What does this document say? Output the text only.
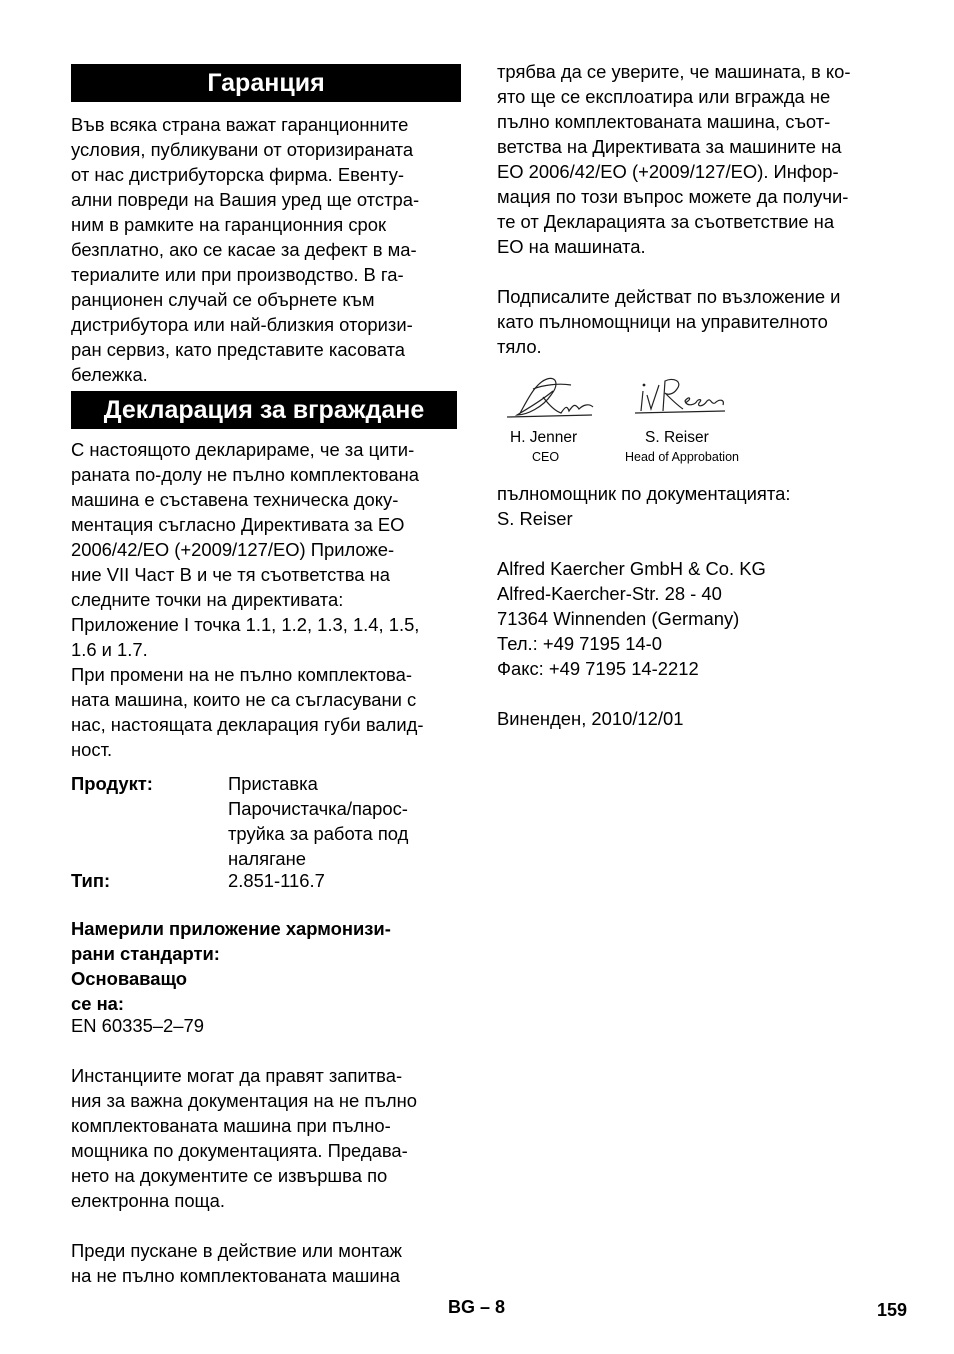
Гаранция

Във всяка страна важат гаранционните
условия, публикувани от оторизираната
от нас дистрибуторска фирма. Евенту-
ални повреди на Вашия уред ще отстра-
ним в рамките на гаранционния срок
безплатно, ако се касае за дефект в ма-
териалите или при производство. В га-
ранционен случай се обърнете към
дистрибутора или най-близкия оторизи-
ран сервиз, като представите касовата
бележка.

Декларация за вграждане

С настоящото декларираме, че за цити-
раната по-долу не пълно комплектована
машина е съставена техническа доку-
ментация съгласно Директивата за ЕО
2006/42/ЕО (+2009/127/ЕО) Приложе-
ние VII Част B и че тя съответства на
следните точки на директивата:
Приложение I точка 1.1, 1.2, 1.3, 1.4, 1.5,
1.6 и 1.7.
При промени на не пълно комплектова-
ната машина, които не са съгласувани с
нас, настоящата декларация губи валид-
ност.

Продукт:	Приставка
Парочистачка/парос-
труйка за работа под
налягане
Тип:	2.851-116.7

Намерили приложение хармонизи-
рани стандарти:

Основаващо
се на:

EN 60335–2–79

Инстанциите могат да правят запитва-
ния за важна документация на не пълно
комплектованата машина при пълно-
мощника по документацията. Предава-
нето на документите се извършва по
електронна поща.

Преди пускане в действие или монтаж
на не пълно комплектованата машина

трябва да се уверите, че машината, в ко-
ято ще се експлоатира или вгражда не
пълно комплектованата машина, съот-
ветства на Директивата за машините на
ЕО 2006/42/ЕО (+2009/127/ЕО). Инфор-
мация по този въпрос можете да получи-
те от Декларацията за съответствие на
ЕО на машината.

Подписалите действат по възложение и
като пълномощници на управителното
тяло.

H. Jenner
CEO
S. Reiser
Head of Approbation

пълномощник по документацията:
S. Reiser

Alfred Kaercher GmbH & Co. KG
Alfred-Kaercher-Str. 28 - 40
71364 Winnenden (Germany)
Тел.: +49 7195 14-0
Факс: +49 7195 14-2212

Виненден, 2010/12/01

BG – 8	159
